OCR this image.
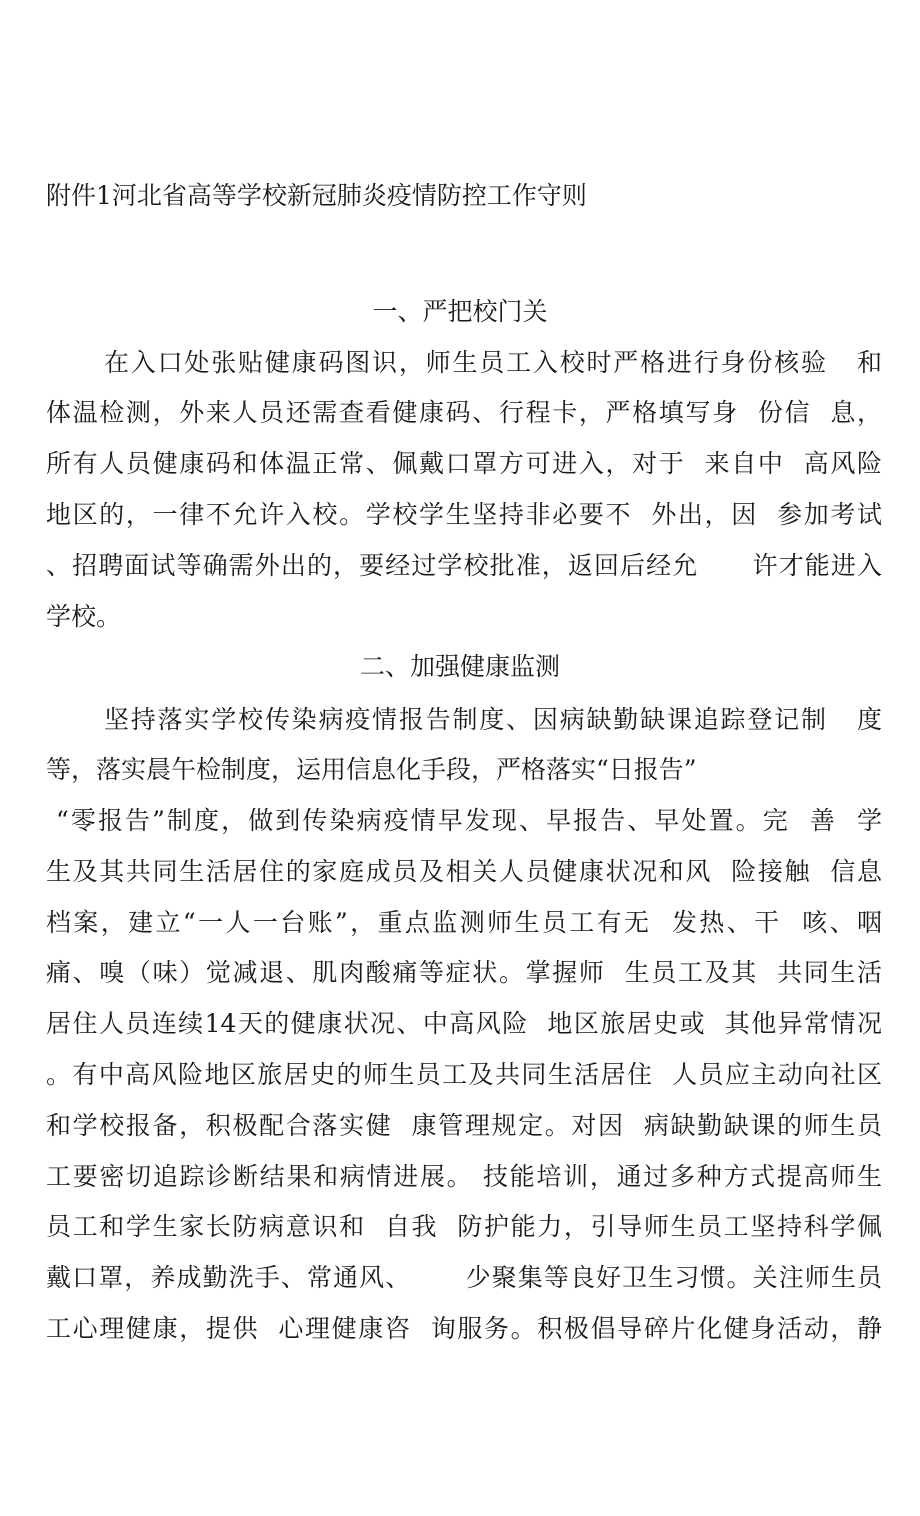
附件1河北省高等学校新冠肺炎疫情防控工作守则
一、严把校门关
在入口处张贴健康码图识，师生员工入校时严格进行身份核验   和
体温检测，外来人员还需查看健康码、行程卡，严格填写身  份信  息，
所有人员健康码和体温正常、佩戴口罩方可进入，对于  来自中  高风险
地区的，一律不允许入校。学校学生坚持非必要不  外出，因  参加考试
、招聘面试等确需外出的，要经过学校批准，返回后经允      许才能进入
学校。
二、加强健康监测
坚持落实学校传染病疫情报告制度、因病缺勤缺课追踪登记制   度
等，落实晨午检制度，运用信息化手段，严格落实“日报告”
“零报告”制度，做到传染病疫情早发现、早报告、早处置。完  善  学
生及其共同生活居住的家庭成员及相关人员健康状况和风  险接触  信息
档案，建立“一人一台账”，重点监测师生员工有无  发热、干  咳、咽
痛、嗅（味）觉减退、肌肉酸痛等症状。掌握师  生员工及其  共同生活
居住人员连续14天的健康状况、中高风险  地区旅居史或  其他异常情况
。有中高风险地区旅居史的师生员工及共同生活居住  人员应主动向社区
和学校报备，积极配合落实健  康管理规定。对因  病缺勤缺课的师生员
工要密切追踪诊断结果和病情进展。 技能培训，通过多种方式提高师生
员工和学生家长防病意识和  自我  防护能力，引导师生员工坚持科学佩
戴口罩，养成勤洗手、常通风、      少聚集等良好卫生习惯。关注师生员
工心理健康，提供  心理健康咨  询服务。积极倡导碎片化健身活动，静
